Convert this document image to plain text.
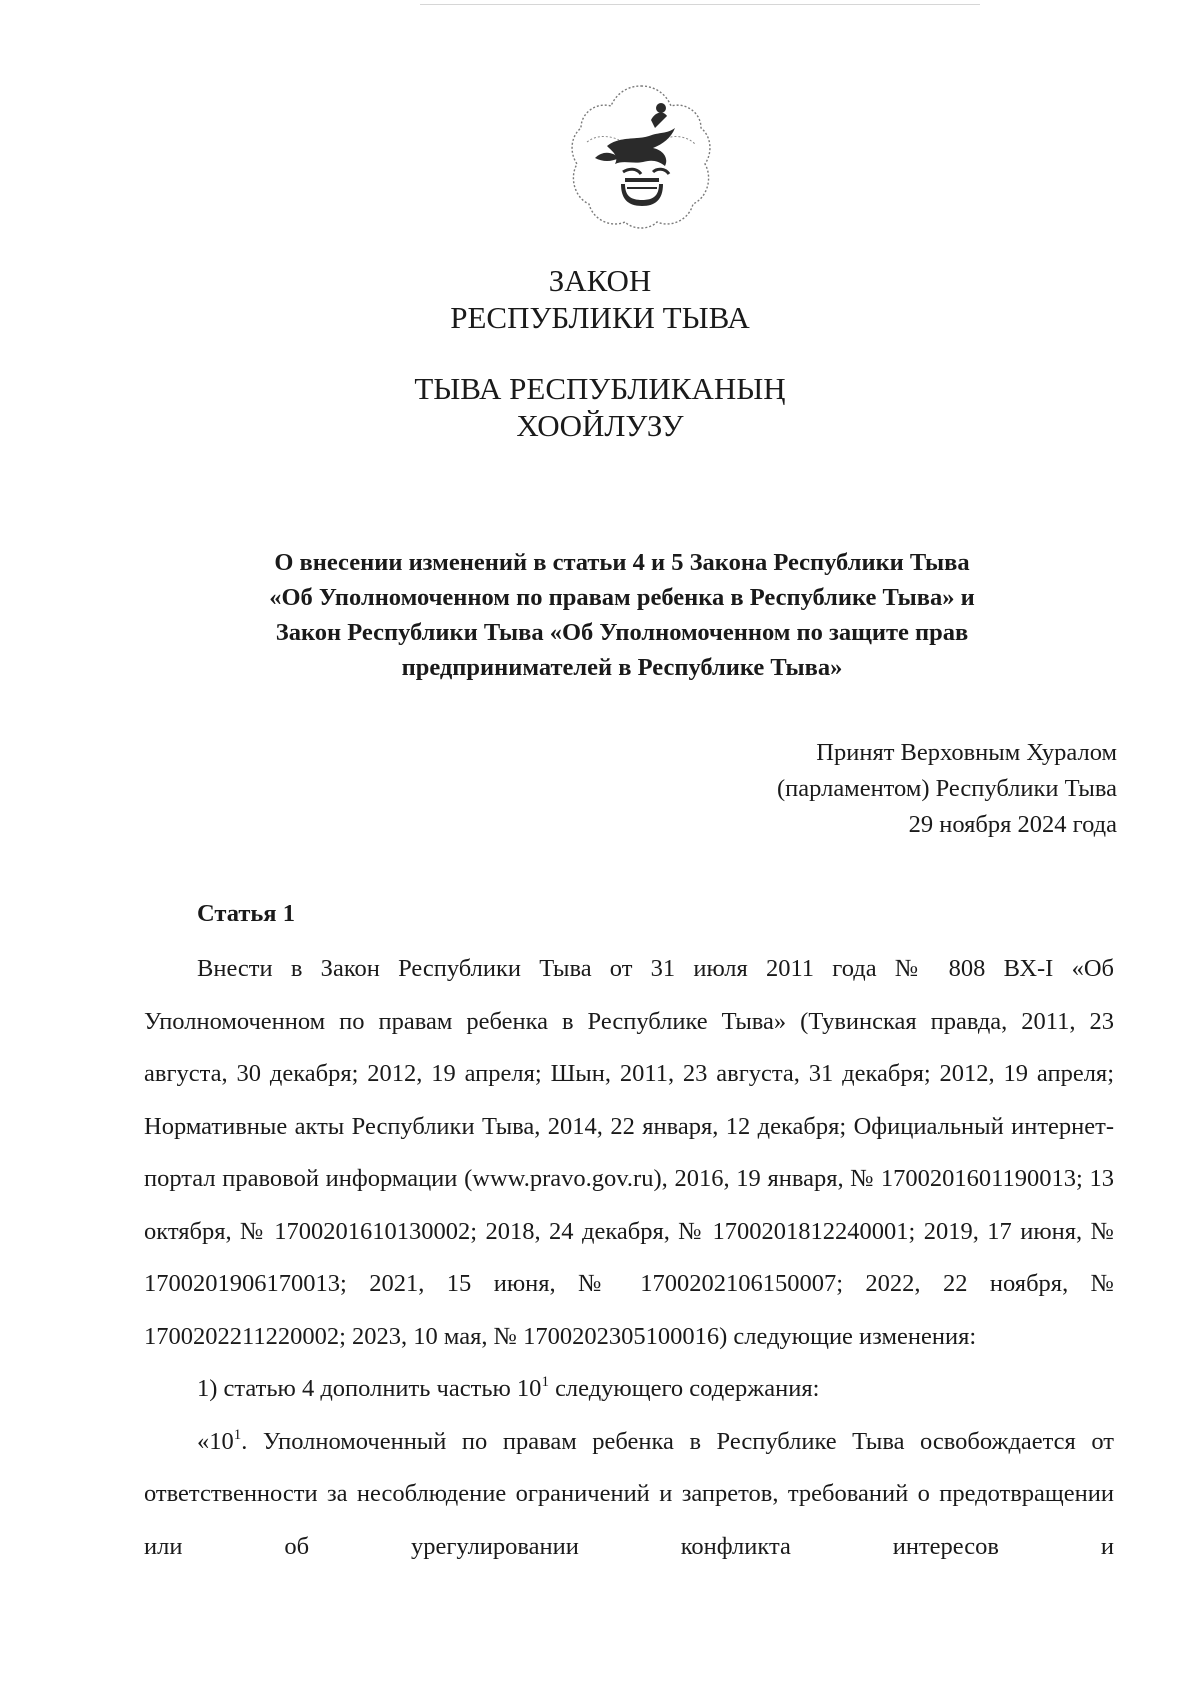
ЗАКОН
РЕСПУБЛИКИ ТЫВА
ТЫВА РЕСПУБЛИКАНЫҢ
ХООЙЛУЗУ
О внесении изменений в статьи 4 и 5 Закона Республики Тыва
«Об Уполномоченном по правам ребенка в Республике Тыва» и
Закон Республики Тыва «Об Уполномоченном по защите прав
предпринимателей в Республике Тыва»
Принят Верховным Хуралом
(парламентом) Республики Тыва
29 ноября 2024 года
Статья 1

Внести в Закон Республики Тыва от 31 июля 2011 года № 808 ВХ-I «Об Уполномоченном по правам ребенка в Республике Тыва» (Тувинская правда, 2011, 23 августа, 30 декабря; 2012, 19 апреля; Шын, 2011, 23 августа, 31 декабря; 2012, 19 апреля; Нормативные акты Республики Тыва, 2014, 22 января, 12 декабря; Официальный интернет-портал правовой информации (www.pravo.gov.ru), 2016, 19 января, № 1700201601190013; 13 октября, № 1700201610130002; 2018, 24 декабря, № 1700201812240001; 2019, 17 июня, № 1700201906170013; 2021, 15 июня, № 1700202106150007; 2022, 22 ноября, № 1700202211220002; 2023, 10 мая, № 1700202305100016) следующие изменения:

1) статью 4 дополнить частью $10^1$ следующего содержания:

«$10^1$. Уполномоченный по правам ребенка в Республике Тыва освобождается от ответственности за несоблюдение ограничений и запретов, требований о предотвращении или об урегулировании конфликта интересов и
